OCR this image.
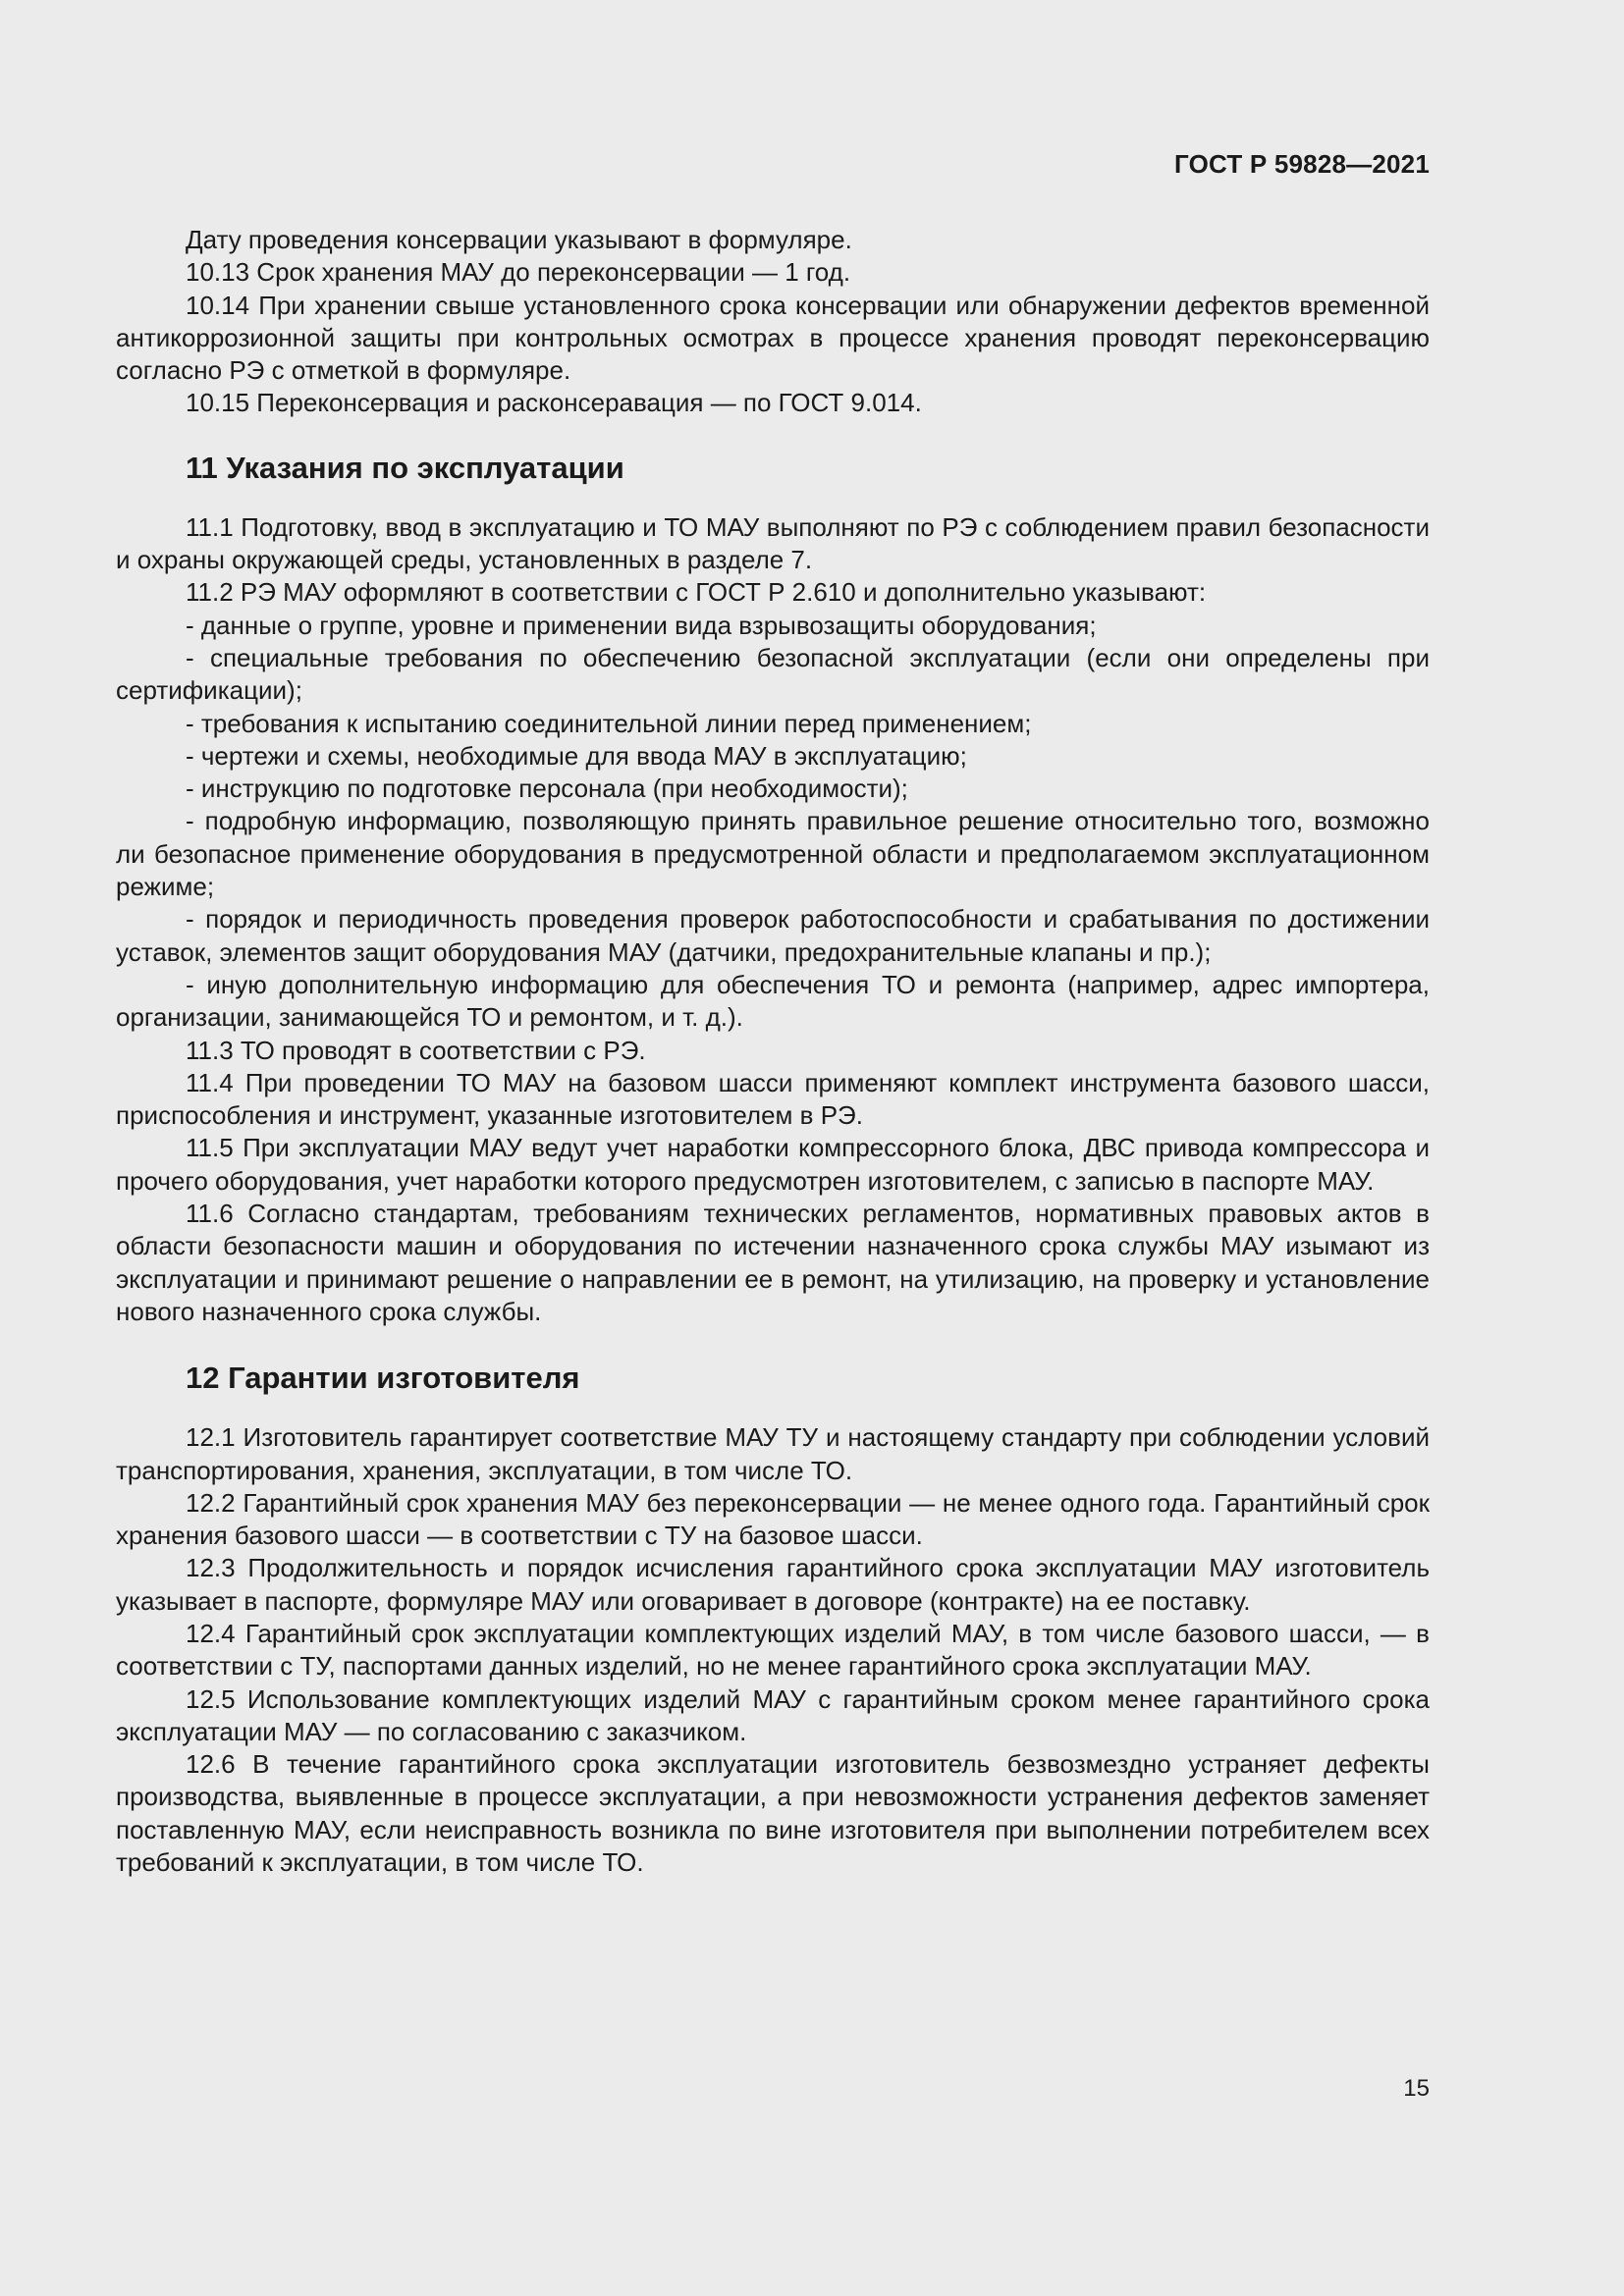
ГОСТ Р 59828—2021

Дату проведения консервации указывают в формуляре.

10.13 Срок хранения МАУ до переконсервации — 1 год.

10.14 При хранении свыше установленного срока консервации или обнаружении дефектов временной антикоррозионной защиты при контрольных осмотрах в процессе хранения проводят переконсервацию согласно РЭ с отметкой в формуляре.

10.15 Переконсервация и расконсеравация — по ГОСТ 9.014.

11 Указания по эксплуатации

11.1 Подготовку, ввод в эксплуатацию и ТО МАУ выполняют по РЭ с соблюдением правил безопасности и охраны окружающей среды, установленных в разделе 7.

11.2 РЭ МАУ оформляют в соответствии с ГОСТ Р 2.610 и дополнительно указывают:

- данные о группе, уровне и применении вида взрывозащиты оборудования;

- специальные требования по обеспечению безопасной эксплуатации (если они определены при сертификации);

- требования к испытанию соединительной линии перед применением;

- чертежи и схемы, необходимые для ввода МАУ в эксплуатацию;

- инструкцию по подготовке персонала (при необходимости);

- подробную информацию, позволяющую принять правильное решение относительно того, возможно ли безопасное применение оборудования в предусмотренной области и предполагаемом эксплуатационном режиме;

- порядок и периодичность проведения проверок работоспособности и срабатывания по достижении уставок, элементов защит оборудования МАУ (датчики, предохранительные клапаны и пр.);

- иную дополнительную информацию для обеспечения ТО и ремонта (например, адрес импортера, организации, занимающейся ТО и ремонтом, и т. д.).

11.3 ТО проводят в соответствии с РЭ.

11.4 При проведении ТО МАУ на базовом шасси применяют комплект инструмента базового шасси, приспособления и инструмент, указанные изготовителем в РЭ.

11.5 При эксплуатации МАУ ведут учет наработки компрессорного блока, ДВС привода компрессора и прочего оборудования, учет наработки которого предусмотрен изготовителем, с записью в паспорте МАУ.

11.6 Согласно стандартам, требованиям технических регламентов, нормативных правовых актов в области безопасности машин и оборудования по истечении назначенного срока службы МАУ изымают из эксплуатации и принимают решение о направлении ее в ремонт, на утилизацию, на проверку и установление нового назначенного срока службы.

12 Гарантии изготовителя

12.1 Изготовитель гарантирует соответствие МАУ ТУ и настоящему стандарту при соблюдении условий транспортирования, хранения, эксплуатации, в том числе ТО.

12.2 Гарантийный срок хранения МАУ без переконсервации — не менее одного года. Гарантийный срок хранения базового шасси — в соответствии с ТУ на базовое шасси.

12.3 Продолжительность и порядок исчисления гарантийного срока эксплуатации МАУ изготовитель указывает в паспорте, формуляре МАУ или оговаривает в договоре (контракте) на ее поставку.

12.4 Гарантийный срок эксплуатации комплектующих изделий МАУ, в том числе базового шасси, — в соответствии с ТУ, паспортами данных изделий, но не менее гарантийного срока эксплуатации МАУ.

12.5 Использование комплектующих изделий МАУ с гарантийным сроком менее гарантийного срока эксплуатации МАУ — по согласованию с заказчиком.

12.6 В течение гарантийного срока эксплуатации изготовитель безвозмездно устраняет дефекты производства, выявленные в процессе эксплуатации, а при невозможности устранения дефектов заменяет поставленную МАУ, если неисправность возникла по вине изготовителя при выполнении потребителем всех требований к эксплуатации, в том числе ТО.

15
